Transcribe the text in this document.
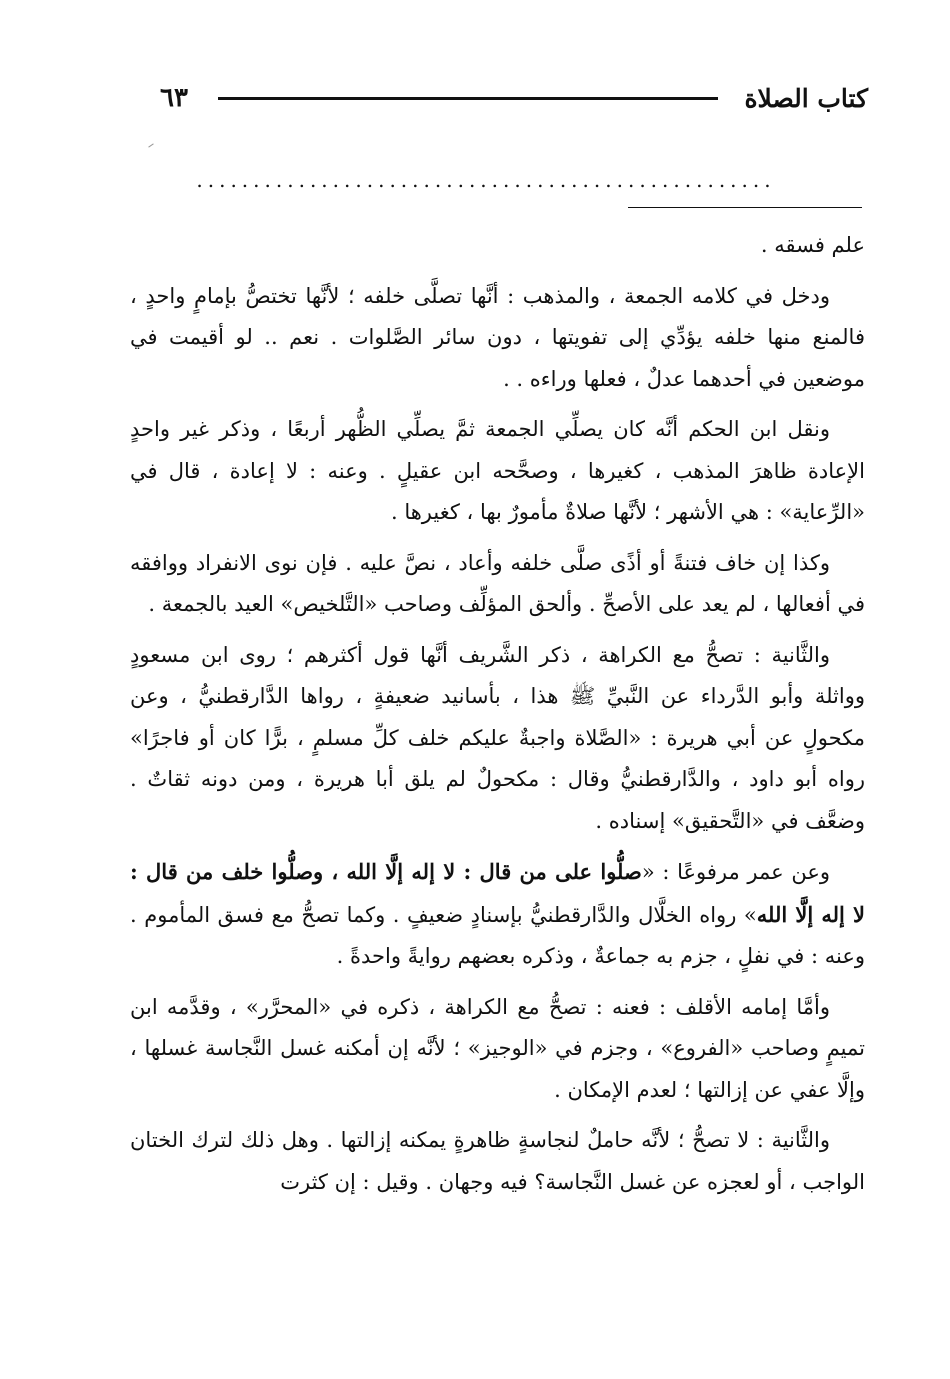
كتاب الصلاة
٦٣
...................................................

علم فسقه .

ودخل في كلامه الجمعة ، والمذهب : أنَّها تصلَّى خلفه ؛ لأنَّها تختصُّ بإمامٍ واحدٍ ، فالمنع منها خلفه يؤدِّي إلى تفويتها ، دون سائر الصَّلوات . نعم .. لو أقيمت في موضعين في أحدهما عدلٌ ، فعلها وراءه . .

ونقل ابن الحكم أنَّه كان يصلِّي الجمعة ثمَّ يصلِّي الظُّهر أربعًا ، وذكر غير واحدٍ الإعادة ظاهرَ المذهب ، كغيرها ، وصحَّحه ابن عقيلٍ . وعنه : لا إعادة ، قال في «الرِّعاية» : هي الأشهر ؛ لأنَّها صلاةٌ مأمورٌ بها ، كغيرها .

وكذا إن خاف فتنةً أو أذًى صلَّى خلفه وأعاد ، نصَّ عليه . فإن نوى الانفراد ووافقه في أفعالها ، لم يعد على الأصحِّ . وألحق المؤلِّف وصاحب «التَّلخيص» العيد بالجمعة .

والثَّانية : تصحُّ مع الكراهة ، ذكر الشَّريف أنَّها قول أكثرهم ؛ روى ابن مسعودٍ وواثلة وأبو الدَّرداء عن النَّبيِّ ﷺ هذا ، بأسانيد ضعيفةٍ ، رواها الدَّارقطنيُّ ، وعن مكحولٍ عن أبي هريرة : «الصَّلاة واجبةٌ عليكم خلف كلِّ مسلمٍ ، برًّا كان أو فاجرًا» رواه أبو داود ، والدَّارقطنيُّ وقال : مكحولٌ لم يلق أبا هريرة ، ومن دونه ثقاتٌ . وضعَّف في «التَّحقيق» إسناده .

وعن عمر مرفوعًا : «صلُّوا على من قال : لا إله إلَّا الله ، وصلُّوا خلف من قال : لا إله إلَّا الله» رواه الخلَّال والدَّارقطنيُّ بإسنادٍ ضعيفٍ . وكما تصحُّ مع فسق المأموم . وعنه : في نفلٍ ، جزم به جماعةٌ ، وذكره بعضهم روايةً واحدةً .

وأمَّا إمامه الأقلف : فعنه : تصحُّ مع الكراهة ، ذكره في «المحرَّر» ، وقدَّمه ابن تميمٍ وصاحب «الفروع» ، وجزم في «الوجيز» ؛ لأنَّه إن أمكنه غسل النَّجاسة غسلها ، وإلَّا عفي عن إزالتها ؛ لعدم الإمكان .

والثَّانية : لا تصحُّ ؛ لأنَّه حاملٌ لنجاسةٍ ظاهرةٍ يمكنه إزالتها . وهل ذلك لترك الختان الواجب ، أو لعجزه عن غسل النَّجاسة؟ فيه وجهان . وقيل : إن كثرت
